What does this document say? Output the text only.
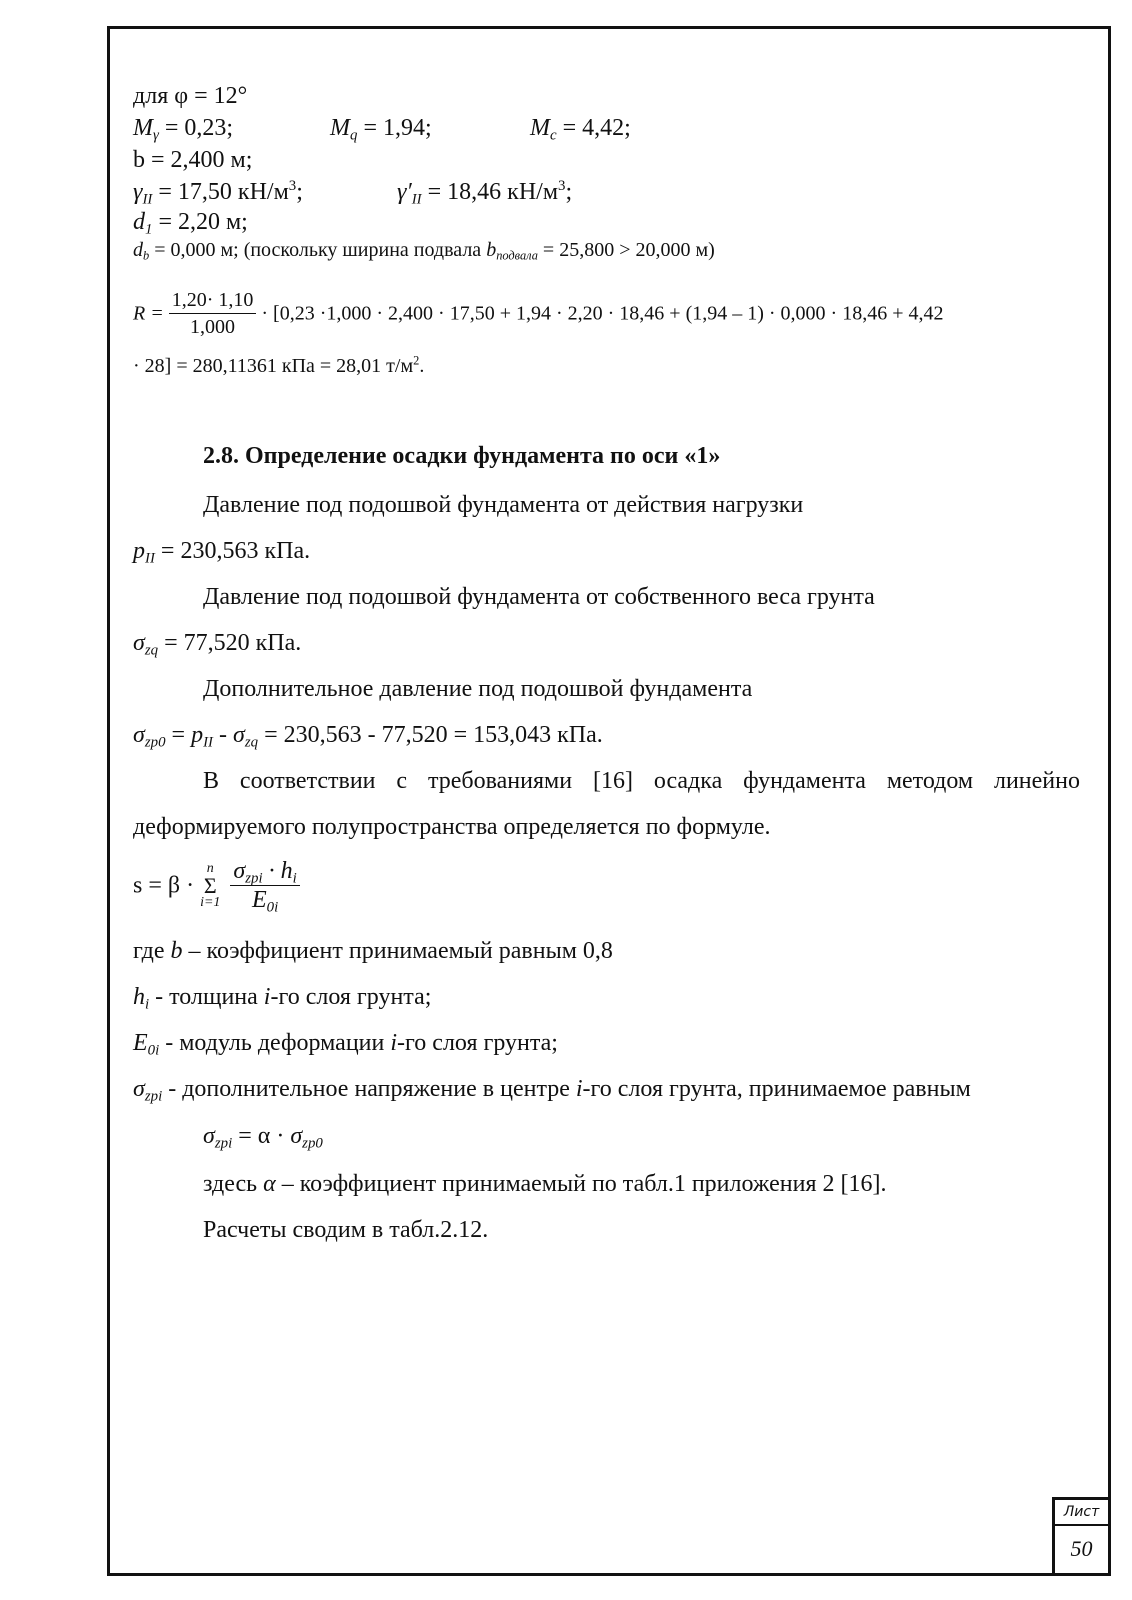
для φ = 12°
$M_\gamma = 0,23$;	$M_q = 1,94$;	$M_c = 4,42$;
b = 2,400 м;
$\gamma_{II} = 17,50$ $кН/м^3$;	$\gamma'_{II} = 18,46$ $кН/м^3$;
$d_1 = 2,20$ м;
$d_b = 0,000$ м; (поскольку ширина подвала $b_{подвала} = 25,800 > 20,000$ м)
$R = \frac{1,20\cdot 1,10}{1,000} \cdot [0,23 \cdot 1,000 \cdot 2,400 \cdot 17,50 + 1,94 \cdot 2,20 \cdot 18,46 + (1,94 - 1) \cdot 0,000 \cdot 18,46 + 4,42$
· 28] = 280,11361 кПа = 28,01 $т/м^2$.
2.8. Определение осадки фундамента по оси «1»
Давление под подошвой фундамента от действия нагрузки
$p_{II} = 230,563$ кПа.
Давление под подошвой фундамента от собственного веса грунта
$\sigma_{zq} = 77,520$ кПа.
Дополнительное давление под подошвой фундамента
$\sigma_{zp0} = p_{II} - \sigma_{zq} = 230,563 - 77,520 = 153,043$ кПа.
В соответствии с требованиями [16] осадка фундамента методом линейно
деформируемого полупространства определяется по формуле.
s = β ·
n
Σ
i=1
$\frac{\sigma_{zpi} \cdot h_i}{E_{0i}}$
где b – коэффициент принимаемый равным 0,8
$h_i$ - толщина i-го слоя грунта;
$E_{0i}$ - модуль деформации i-го слоя грунта;
$\sigma_{zpi}$ - дополнительное напряжение в центре i-го слоя грунта, принимаемое равным
$\sigma_{zpi} = \alpha \cdot \sigma_{zp0}$
здесь α – коэффициент принимаемый по табл.1 приложения 2 [16].
Расчеты сводим в табл.2.12.
Лист
50
